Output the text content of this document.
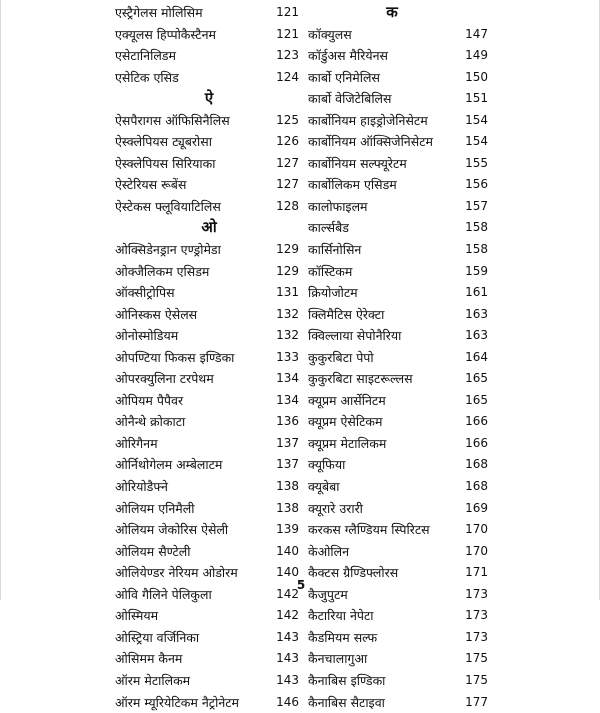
एस्ट्रैगेलस मोलिसिम	121
एक्यूलस हिप्पोकैस्टैनम	121
एसेटानिलिडम	123
एसेटिक एसिड	124
ऐ
ऐसपैरागस ऑफिसिनैलिस	125
ऐस्क्लेपियस ट्यूबरोसा	126
ऐस्क्लेपियस सिरियाका	127
ऐस्टेरियस रूबेंस	127
ऐस्टेकस फ्लूवियाटिलिस	128
ओ
ओक्सिडेनड्रान एण्ड्रोमेडा	129
ओक्जैलिकम एसिडम	129
ऑक्सीट्रोपिस	131
ओनिस्कस ऐसेलस	132
ओनोस्मोडियम	132
ओपण्टिया फिकस इण्डिका	133
ओपरक्युलिना टरपेथम	134
ओपियम पैपैवर	134
ओनैन्थे क्रोकाटा	136
ओरिगैनम	137
ओर्निथोगेलम अम्बेलाटम	137
ओरियोडैफ्ने	138
ओलियम एनिमैली	138
ओलियम जेकोरिस ऐसेली	139
ओलियम सैण्टेली	140
ओलियेण्डर नेरियम ओडोरम	140
ओवि गैलिने पेलिकुला	142
ओस्मियम	142
ओस्ट्रिया वर्जिनिका	143
ओसिमम कैनम	143
ऑरम मेटालिकम	143
ऑरम म्यूरियेटिकम नैट्रोनेटम	146
क
कॉक्युलस	147
कॉर्डुअस मैरियेनस	149
कार्बो एनिमेलिस	150
कार्बो वेजिटेबिलिस	151
कार्बोनियम हाइड्रोजेनिसेटम	154
कार्बोनियम ऑक्सिजेनिसेटम	154
कार्बोनियम सल्फ्यूरेटम	155
कार्बोलिकम एसिडम	156
कालोफाइलम	157
कार्ल्सबैड	158
कार्सिनोसिन	158
कॉस्टिकम	159
क्रियोजोटम	161
क्लिमैटिस ऐरेक्टा	163
क्विल्लाया सेपोनैरिया	163
कुकुरबिटा पेपो	164
कुकुरबिटा साइटरूल्लस	165
क्यूप्रम आर्सेनिटम	165
क्यूप्रम ऐसेटिकम	166
क्यूप्रम मेटालिकम	166
क्यूफिया	168
क्यूबेबा	168
क्यूरारे उरारी	169
करकस ग्लैण्डियम स्पिरिटस	170
केओलिन	170
कैक्टस ग्रैण्डिफ्लोरस	171
कैजुपुटम	173
कैटारिया नेपेटा	173
कैडमियम सल्फ	173
कैनचालागुआ	175
कैनाबिस इण्डिका	175
कैनाबिस सैटाइवा	177
5
